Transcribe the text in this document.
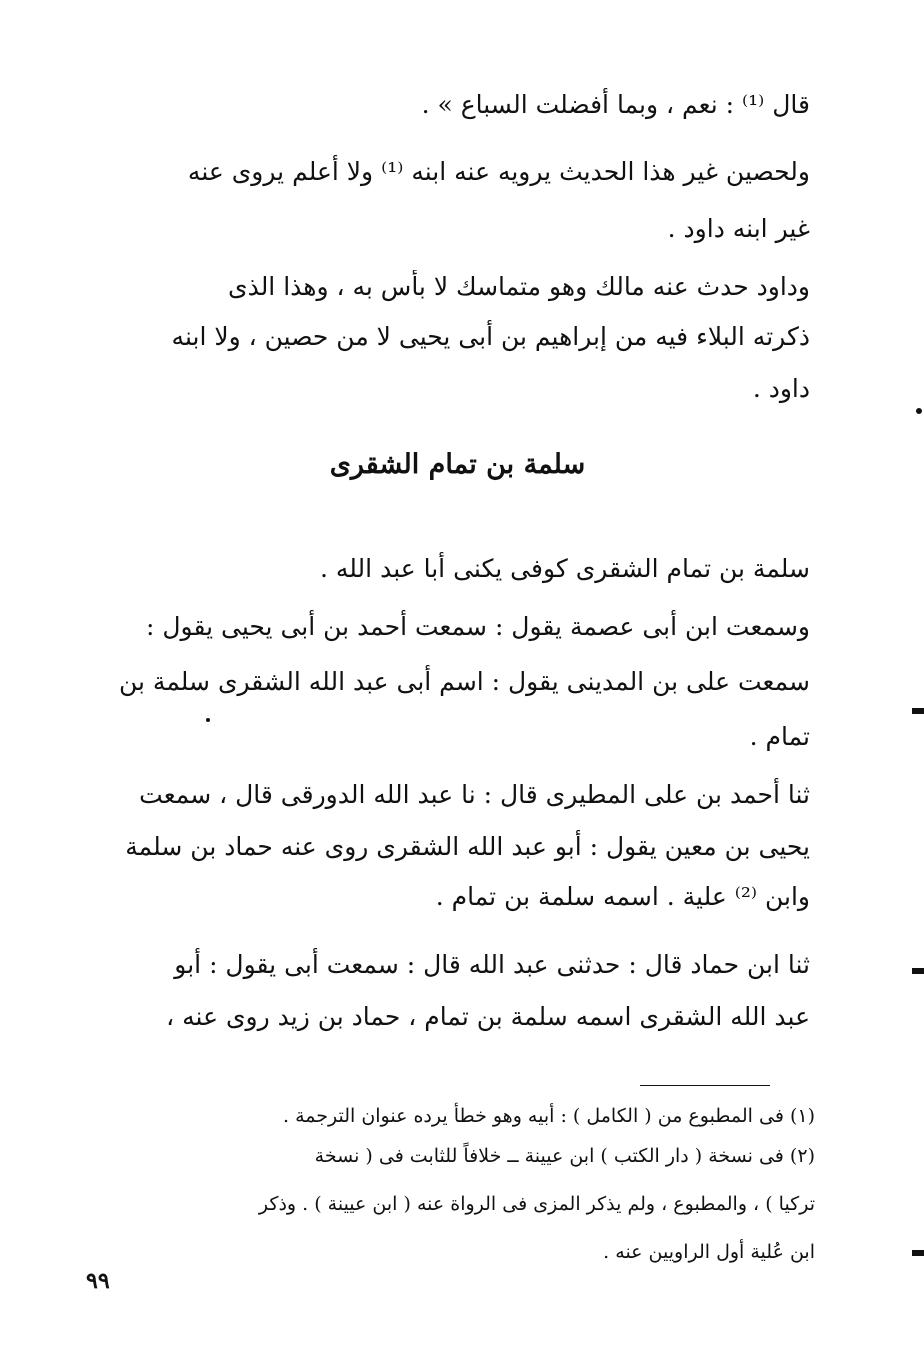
قال ⁽¹⁾ : نعم ، وبما أفضلت السباع » .
ولحصين غير هذا الحديث يرويه عنه ابنه ⁽¹⁾ ولا أعلم يروى عنه
غير ابنه داود .
وداود حدث عنه مالك وهو متماسك لا بأس به ، وهذا الذى
ذكرته البلاء فيه من إبراهيم بن أبى يحيى لا من حصين ، ولا ابنه
داود .
سلمة بن تمام الشقرى
سلمة بن تمام الشقرى كوفى يكنى أبا عبد الله .
وسمعت ابن أبى عصمة يقول : سمعت أحمد بن أبى يحيى يقول :
سمعت على بن المدينى يقول : اسم أبى عبد الله الشقرى سلمة بن
تمام .
ثنا أحمد بن على المطيرى قال : نا عبد الله الدورقى قال ، سمعت
يحيى بن معين يقول : أبو عبد الله الشقرى روى عنه حماد بن سلمة
وابن ⁽²⁾ علية . اسمه سلمة بن تمام .
ثنا ابن حماد قال : حدثنى عبد الله قال : سمعت أبى يقول : أبو
عبد الله الشقرى اسمه سلمة بن تمام ، حماد بن زيد روى عنه ،
(١) فى المطبوع من ( الكامل ) : أبيه وهو خطأ يرده عنوان الترجمة .
(٢) فى نسخة ( دار الكتب ) ابن عيينة ــ خلافاً للثابت فى ( نسخة
تركيا ) ، والمطبوع ، ولم يذكر المزى فى الرواة عنه ( ابن عيينة ) . وذكر
ابن عُلية أول الراويين عنه .
٩٩
